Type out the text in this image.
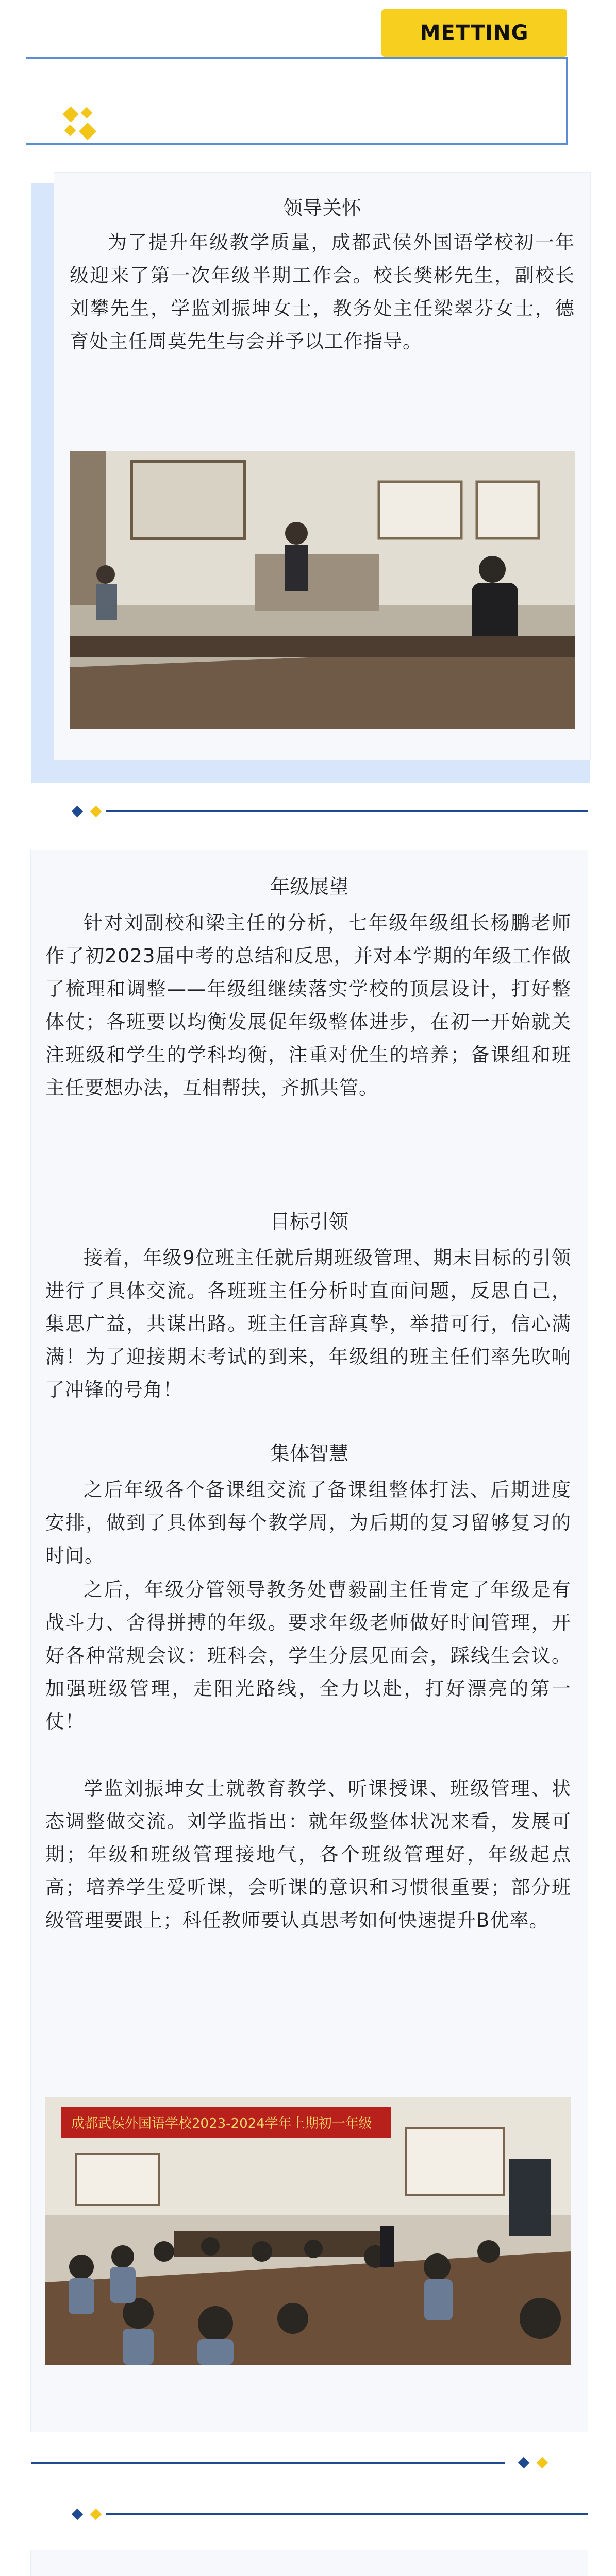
METTING
领导关怀
为了提升年级教学质量，成都武侯外国语学校初一年级迎来了第一次年级半期工作会。校长樊彬先生，副校长刘攀先生，学监刘振坤女士，教务处主任梁翠芬女士，德育处主任周莫先生与会并予以工作指导。
年级展望
针对刘副校和梁主任的分析，七年级年级组长杨鹏老师作了初2023届中考的总结和反思，并对本学期的年级工作做了梳理和调整——年级组继续落实学校的顶层设计，打好整体仗；各班要以均衡发展促年级整体进步，在初一开始就关注班级和学生的学科均衡，注重对优生的培养；备课组和班主任要想办法，互相帮扶，齐抓共管。
目标引领
接着，年级9位班主任就后期班级管理、期末目标的引领进行了具体交流。各班班主任分析时直面问题，反思自己，集思广益，共谋出路。班主任言辞真挚，举措可行，信心满满！为了迎接期末考试的到来，年级组的班主任们率先吹响了冲锋的号角！
集体智慧
之后年级各个备课组交流了备课组整体打法、后期进度安排，做到了具体到每个教学周，为后期的复习留够复习的时间。
之后，年级分管领导教务处曹毅副主任肯定了年级是有战斗力、舍得拼搏的年级。要求年级老师做好时间管理，开好各种常规会议：班科会，学生分层见面会，踩线生会议。加强班级管理，走阳光路线，全力以赴，打好漂亮的第一仗！
学监刘振坤女士就教育教学、听课授课、班级管理、状态调整做交流。刘学监指出：就年级整体状况来看，发展可期；年级和班级管理接地气，各个班级管理好，年级起点高；培养学生爱听课，会听课的意识和习惯很重要；部分班级管理要跟上；科任教师要认真思考如何快速提升B优率。
成都武侯外国语学校2023-2024学年上期初一年级
